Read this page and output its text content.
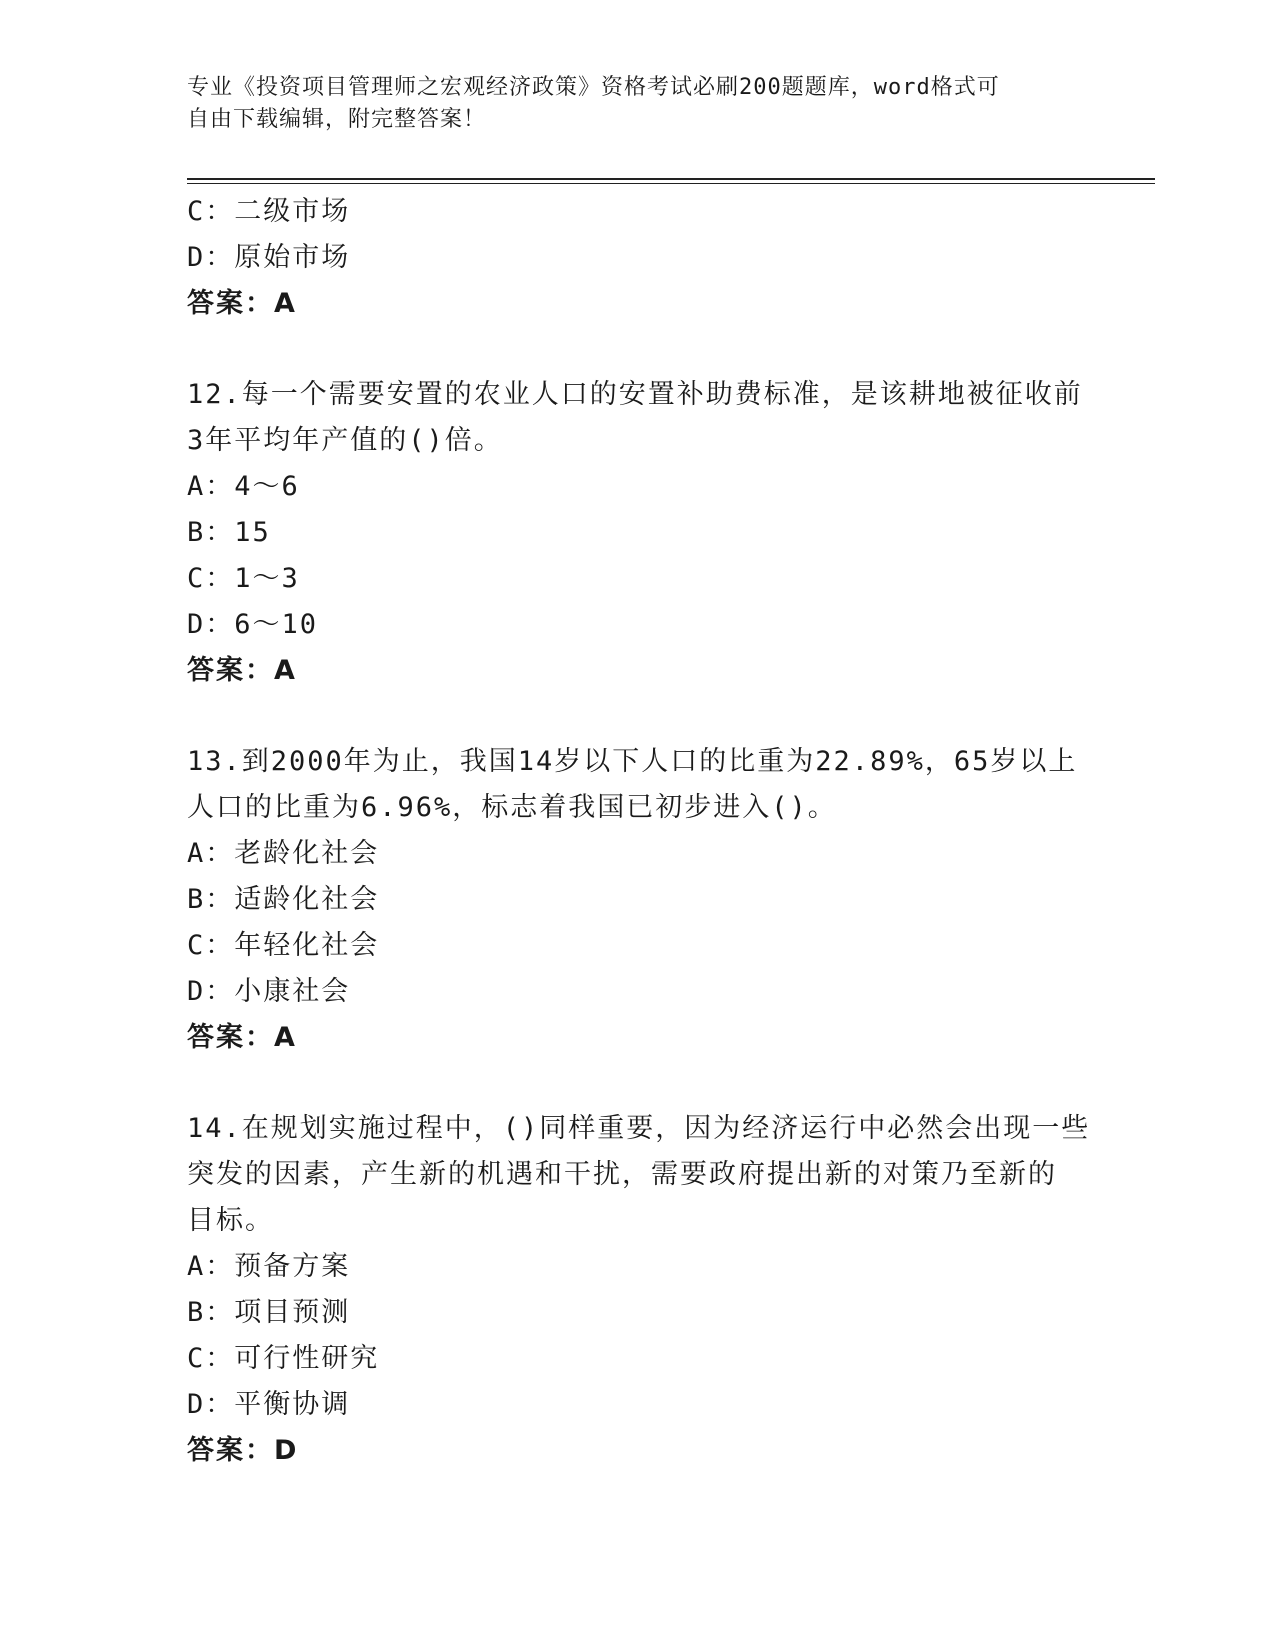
专业《投资项目管理师之宏观经济政策》资格考试必刷200题题库，word格式可
自由下载编辑，附完整答案！
C：二级市场
D：原始市场
答案：A
12.每一个需要安置的农业人口的安置补助费标准，是该耕地被征收前
3年平均年产值的()倍。
A：4～6
B：15
C：1～3
D：6～10
答案：A
13.到2000年为止，我国14岁以下人口的比重为22.89%，65岁以上
人口的比重为6.96%，标志着我国已初步进入()。
A：老龄化社会
B：适龄化社会
C：年轻化社会
D：小康社会
答案：A
14.在规划实施过程中，()同样重要，因为经济运行中必然会出现一些
突发的因素，产生新的机遇和干扰，需要政府提出新的对策乃至新的
目标。
A：预备方案
B：项目预测
C：可行性研究
D：平衡协调
答案：D
